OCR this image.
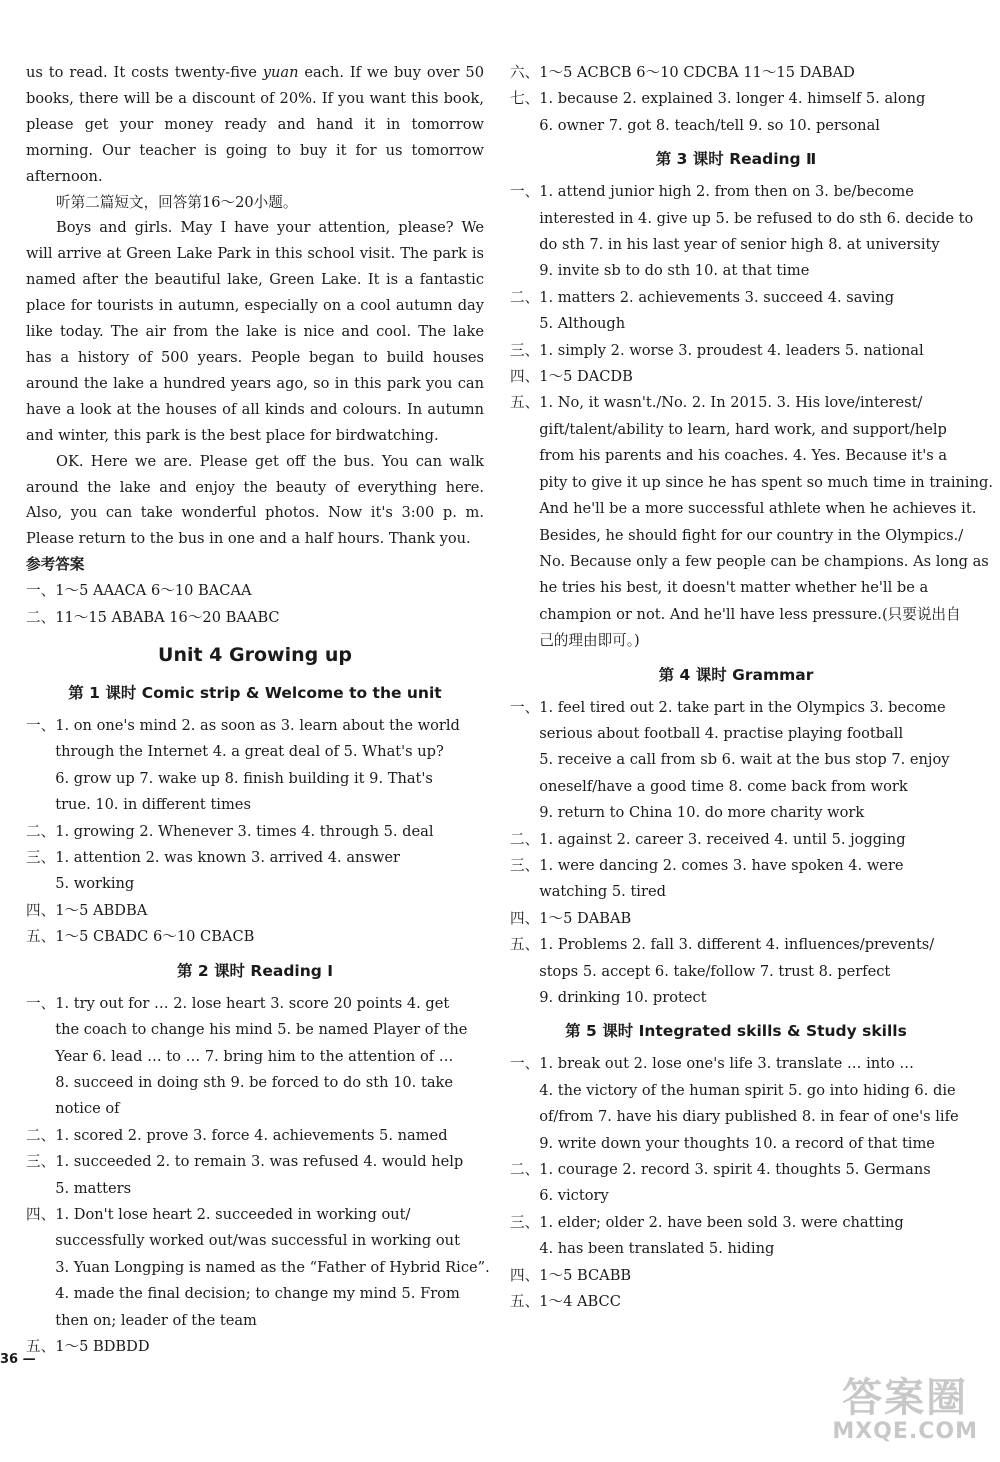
us to read. It costs twenty-five yuan each. If we buy over 50 books, there will be a discount of 20%. If you want this book, please get your money ready and hand it in tomorrow morning. Our teacher is going to buy it for us tomorrow afternoon.

听第二篇短文，回答第16～20小题。

Boys and girls. May I have your attention, please? We will arrive at Green Lake Park in this school visit. The park is named after the beautiful lake, Green Lake. It is a fantastic place for tourists in autumn, especially on a cool autumn day like today. The air from the lake is nice and cool. The lake has a history of 500 years. People began to build houses around the lake a hundred years ago, so in this park you can have a look at the houses of all kinds and colours. In autumn and winter, this park is the best place for birdwatching.

OK. Here we are. Please get off the bus. You can walk around the lake and enjoy the beauty of everything here. Also, you can take wonderful photos. Now it's 3:00 p. m. Please return to the bus in one and a half hours. Thank you.

参考答案

一、1～5 AAACA 6～10 BACAA

二、11～15 ABABA 16～20 BAABC

Unit 4 Growing up
第 1 课时 Comic strip & Welcome to the unit
一、 1. on one's mind 2. as soon as 3. learn about the world
through the Internet 4. a great deal of 5. What's up?
6. grow up 7. wake up 8. finish building it 9. That's
true. 10. in different times
二、 1. growing 2. Whenever 3. times 4. through 5. deal
三、 1. attention 2. was known 3. arrived 4. answer
5. working
四、 1～5 ABDBA
五、 1～5 CBADC 6～10 CBACB
第 2 课时 Reading Ⅰ
一、 1. try out for … 2. lose heart 3. score 20 points 4. get
the coach to change his mind 5. be named Player of the
Year 6. lead … to … 7. bring him to the attention of …
8. succeed in doing sth 9. be forced to do sth 10. take
notice of
二、 1. scored 2. prove 3. force 4. achievements 5. named
三、 1. succeeded 2. to remain 3. was refused 4. would help
5. matters
四、 1. Don't lose heart 2. succeeded in working out/
successfully worked out/was successful in working out
3. Yuan Longping is named as the “Father of Hybrid Rice”.
4. made the final decision; to change my mind 5. From
then on; leader of the team
五、 1～5 BDBDD
六、 1～5 ACBCB 6～10 CDCBA 11～15 DABAD
七、 1. because 2. explained 3. longer 4. himself 5. along
6. owner 7. got 8. teach/tell 9. so 10. personal
第 3 课时 Reading Ⅱ
一、 1. attend junior high 2. from then on 3. be/become
interested in 4. give up 5. be refused to do sth 6. decide to
do sth 7. in his last year of senior high 8. at university
9. invite sb to do sth 10. at that time
二、 1. matters 2. achievements 3. succeed 4. saving
5. Although
三、 1. simply 2. worse 3. proudest 4. leaders 5. national
四、 1～5 DACDB
五、 1. No, it wasn't./No. 2. In 2015. 3. His love/interest/
gift/talent/ability to learn, hard work, and support/help
from his parents and his coaches. 4. Yes. Because it's a
pity to give it up since he has spent so much time in training.
And he'll be a more successful athlete when he achieves it.
Besides, he should fight for our country in the Olympics./
No. Because only a few people can be champions. As long as
he tries his best, it doesn't matter whether he'll be a
champion or not. And he'll have less pressure.(只要说出自
己的理由即可。)
第 4 课时 Grammar
一、 1. feel tired out 2. take part in the Olympics 3. become
serious about football 4. practise playing football
5. receive a call from sb 6. wait at the bus stop 7. enjoy
oneself/have a good time 8. come back from work
9. return to China 10. do more charity work
二、 1. against 2. career 3. received 4. until 5. jogging
三、 1. were dancing 2. comes 3. have spoken 4. were
watching 5. tired
四、 1～5 DABAB
五、 1. Problems 2. fall 3. different 4. influences/prevents/
stops 5. accept 6. take/follow 7. trust 8. perfect
9. drinking 10. protect
第 5 课时 Integrated skills & Study skills
一、 1. break out 2. lose one's life 3. translate … into …
4. the victory of the human spirit 5. go into hiding 6. die
of/from 7. have his diary published 8. in fear of one's life
9. write down your thoughts 10. a record of that time
二、 1. courage 2. record 3. spirit 4. thoughts 5. Germans
6. victory
三、 1. elder; older 2. have been sold 3. were chatting
4. has been translated 5. hiding
四、 1～5 BCABB
五、 1～4 ABCC
36 —
答案圈
MXQE.COM
